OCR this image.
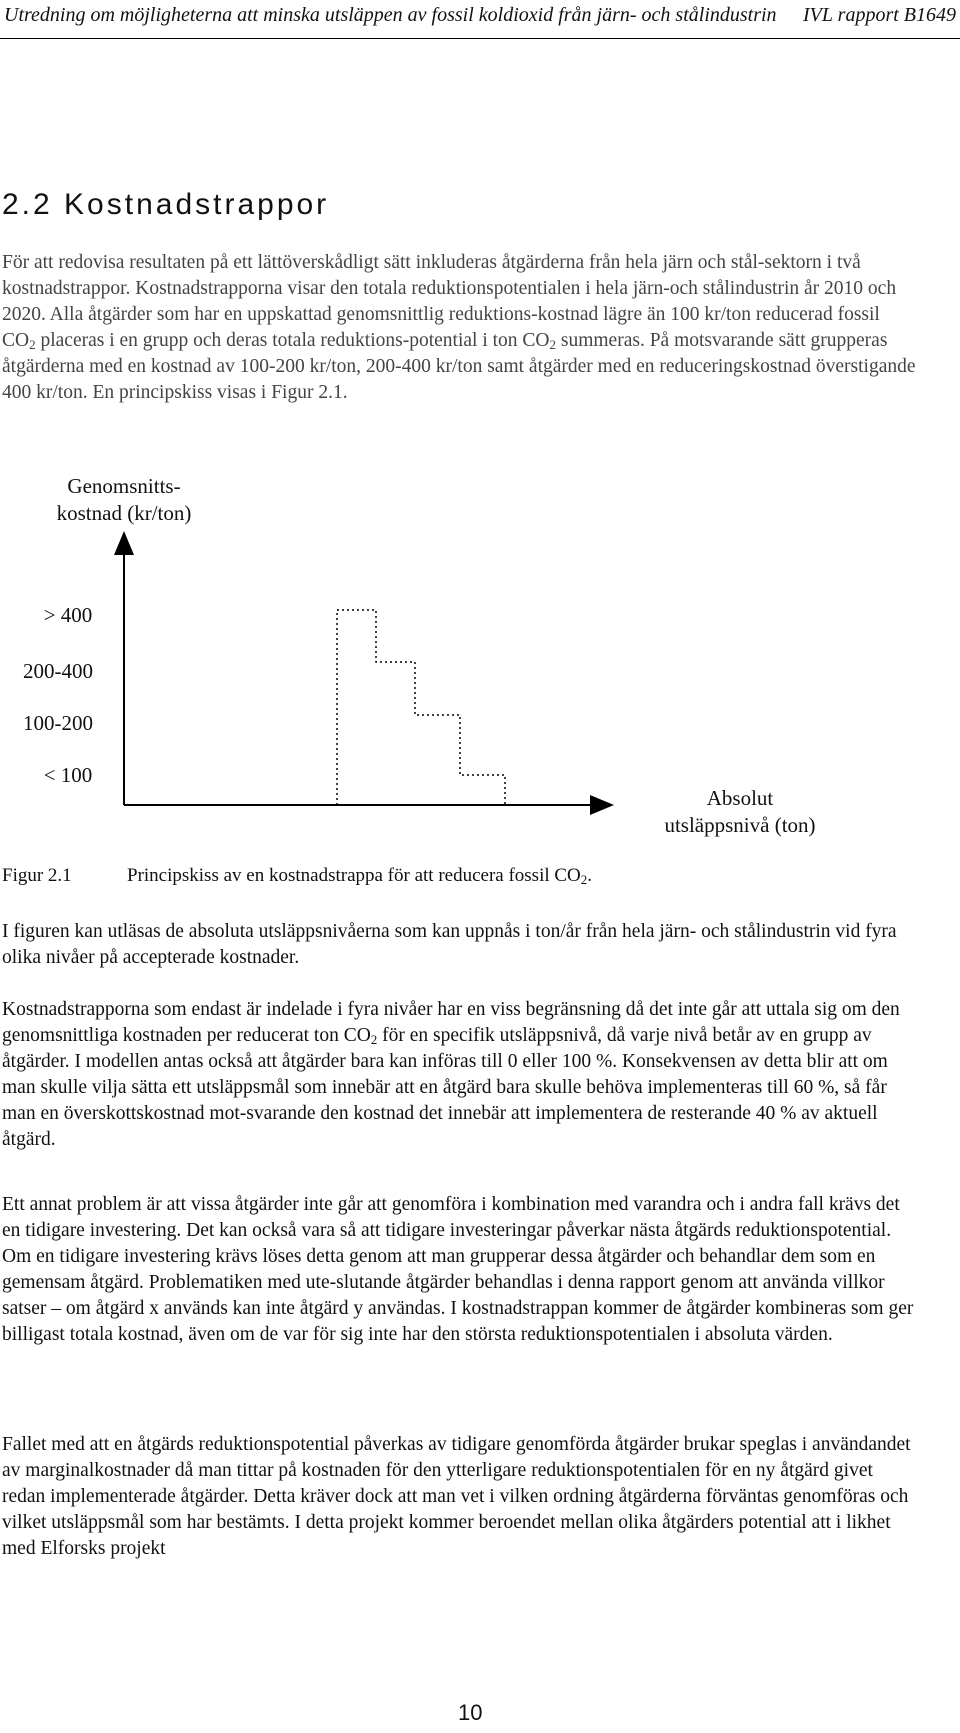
Utredning om möjligheterna att minska utsläppen av fossil koldioxid från järn- och stålindustrin IVL rapport B1649
2.2 Kostnadstrappor

För att redovisa resultaten på ett lättöverskådligt sätt inkluderas åtgärderna från hela järn och stål-sektorn i två kostnadstrappor. Kostnadstrapporna visar den totala reduktionspotentialen i hela järn-och stålindustrin år 2010 och 2020. Alla åtgärder som har en uppskattad genomsnittlig reduktions-kostnad lägre än 100 kr/ton reducerad fossil $CO_2$ placeras i en grupp och deras totala reduktions-potential i ton $CO_2$ summeras. På motsvarande sätt grupperas åtgärderna med en kostnad av 100-200 kr/ton, 200-400 kr/ton samt åtgärder med en reduceringskostnad överstigande 400 kr/ton. En principskiss visas i Figur 2.1.

Genomsnitts-
kostnad (kr/ton)
> 400
200-400
100-200
< 100
Absolut
utsläppsnivå (ton)
Figur 2.1	Principskiss av en kostnadstrappa för att reducera fossil $CO_2$.

I figuren kan utläsas de absoluta utsläppsnivåerna som kan uppnås i ton/år från hela järn- och stålindustrin vid fyra olika nivåer på accepterade kostnader.

Kostnadstrapporna som endast är indelade i fyra nivåer har en viss begränsning då det inte går att uttala sig om den genomsnittliga kostnaden per reducerat ton $CO_2$ för en specifik utsläppsnivå, då varje nivå betår av en grupp av åtgärder. I modellen antas också att åtgärder bara kan införas till 0 eller 100 %. Konsekvensen av detta blir att om man skulle vilja sätta ett utsläppsmål som innebär att en åtgärd bara skulle behöva implementeras till 60 %, så får man en överskottskostnad mot-svarande den kostnad det innebär att implementera de resterande 40 % av aktuell åtgärd.

Ett annat problem är att vissa åtgärder inte går att genomföra i kombination med varandra och i andra fall krävs det en tidigare investering. Det kan också vara så att tidigare investeringar påverkar nästa åtgärds reduktionspotential. Om en tidigare investering krävs löses detta genom att man grupperar dessa åtgärder och behandlar dem som en gemensam åtgärd. Problematiken med ute-slutande åtgärder behandlas i denna rapport genom att använda villkor satser – om åtgärd x används kan inte åtgärd y användas. I kostnadstrappan kommer de åtgärder kombineras som ger billigast totala kostnad, även om de var för sig inte har den största reduktionspotentialen i absoluta värden.

Fallet med att en åtgärds reduktionspotential påverkas av tidigare genomförda åtgärder brukar speglas i användandet av marginalkostnader då man tittar på kostnaden för den ytterligare reduktionspotentialen för en ny åtgärd givet redan implementerade åtgärder. Detta kräver dock att man vet i vilken ordning åtgärderna förväntas genomföras och vilket utsläppsmål som har bestämts. I detta projekt kommer beroendet mellan olika åtgärders potential att i likhet med Elforsks projekt

10
